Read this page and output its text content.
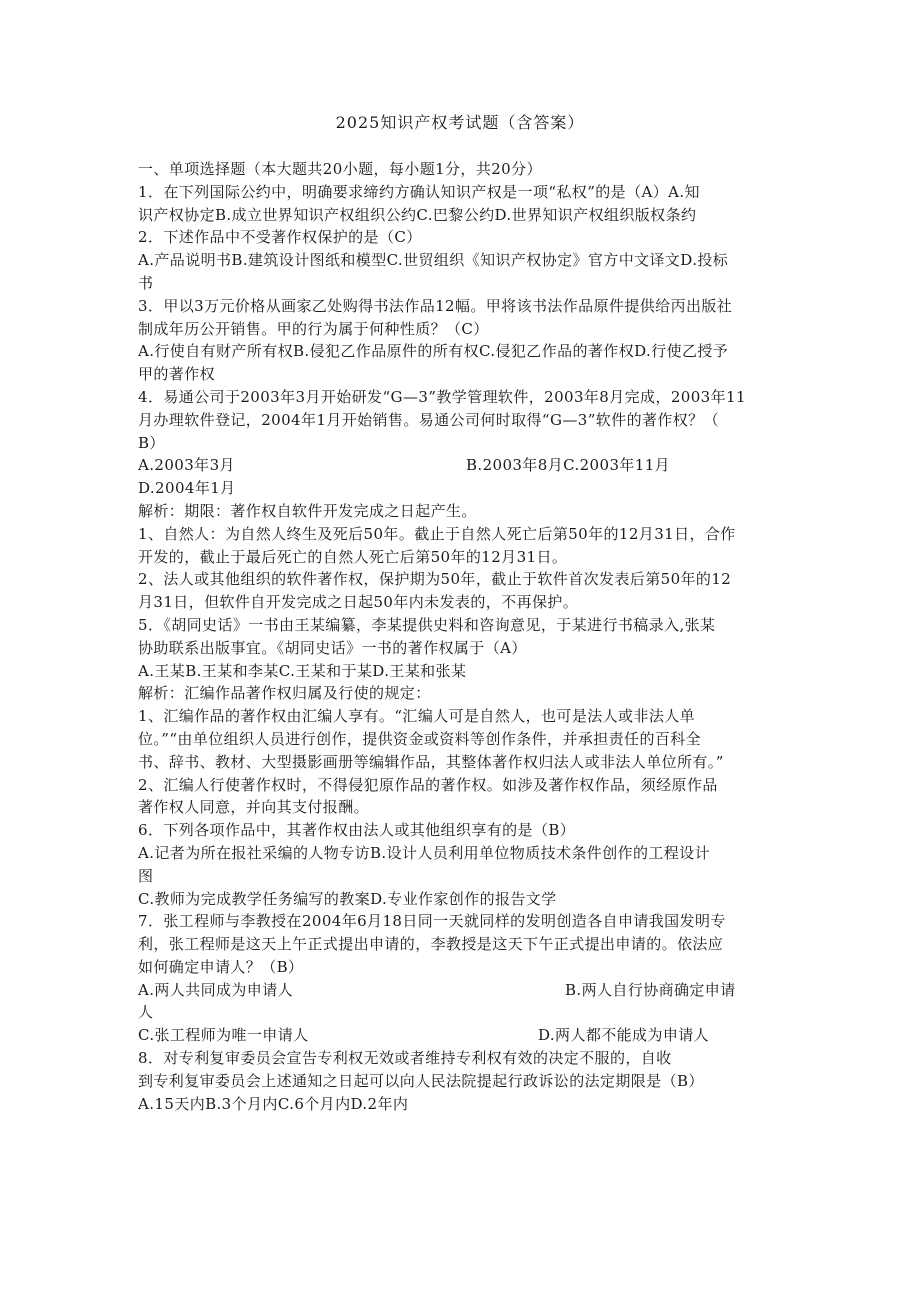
2025知识产权考试题（含答案）
一、单项选择题（本大题共20小题，每小题1分，共20分）
1．在下列国际公约中，明确要求缔约方确认知识产权是一项“私权”的是（A）A.知
识产权协定B.成立世界知识产权组织公约C.巴黎公约D.世界知识产权组织版权条约
2．下述作品中不受著作权保护的是（C）
A.产品说明书B.建筑设计图纸和模型C.世贸组织《知识产权协定》官方中文译文D.投标
书
3．甲以3万元价格从画家乙处购得书法作品12幅。甲将该书法作品原件提供给丙出版社
制成年历公开销售。甲的行为属于何种性质？（C）
A.行使自有财产所有权B.侵犯乙作品原件的所有权C.侵犯乙作品的著作权D.行使乙授予
甲的著作权
4．易通公司于2003年3月开始研发“G—3”教学管理软件，2003年8月完成，2003年11
月办理软件登记，2004年1月开始销售。易通公司何时取得“G—3”软件的著作权？（
B）
A.2003年3月	B.2003年8月C.2003年11月
D.2004年1月
解析：期限：著作权自软件开发完成之日起产生。
1、自然人：为自然人终生及死后50年。截止于自然人死亡后第50年的12月31日，合作
开发的，截止于最后死亡的自然人死亡后第50年的12月31日。
2、法人或其他组织的软件著作权，保护期为50年，截止于软件首次发表后第50年的12
月31日，但软件自开发完成之日起50年内未发表的，不再保护。
5．《胡同史话》一书由王某编纂，李某提供史料和咨询意见，于某进行书稿录入,张某
协助联系出版事宜。《胡同史话》一书的著作权属于（A）
A.王某B.王某和李某C.王某和于某D.王某和张某
解析：汇编作品著作权归属及行使的规定：
1、汇编作品的著作权由汇编人享有。“汇编人可是自然人，也可是法人或非法人单
位。”“由单位组织人员进行创作，提供资金或资料等创作条件，并承担责任的百科全
书、辞书、教材、大型摄影画册等编辑作品，其整体著作权归法人或非法人单位所有。”
2、汇编人行使著作权时，不得侵犯原作品的著作权。如涉及著作权作品，须经原作品
著作权人同意，并向其支付报酬。
6．下列各项作品中，其著作权由法人或其他组织享有的是（B）
A.记者为所在报社采编的人物专访B.设计人员利用单位物质技术条件创作的工程设计
图
C.教师为完成教学任务编写的教案D.专业作家创作的报告文学
7．张工程师与李教授在2004年6月18日同一天就同样的发明创造各自申请我国发明专
利，张工程师是这天上午正式提出申请的，李教授是这天下午正式提出申请的。依法应
如何确定申请人？（B）
A.两人共同成为申请人	B.两人自行协商确定申请
人
C.张工程师为唯一申请人	D.两人都不能成为申请人
8．对专利复审委员会宣告专利权无效或者维持专利权有效的决定不服的，自收
到专利复审委员会上述通知之日起可以向人民法院提起行政诉讼的法定期限是（B）
A.15天内B.3个月内C.6个月内D.2年内
